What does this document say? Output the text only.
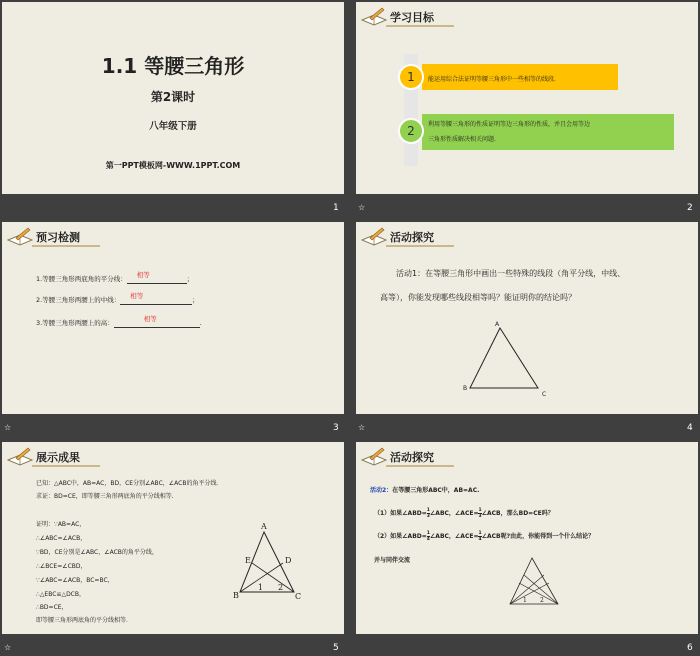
1.1 等腰三角形
第2课时
八年级下册
第一PPT模板网-WWW.1PPT.COM
1
学习目标
1	能运用综合法证明等腰三角形中一些相等的线段.
2	利用等腰三角形的性质证明等边三角形的性质，并且会用等边
三角形性质解决相关问题.
☆	2
预习检测
1.等腰三角形两底角的平分线： 相等	；
2.等腰三角形两腰上的中线： 相等	；
3.等腰三角形两腰上的高：	相等	.
☆	3
活动探究
活动1：在等腰三角形中画出一些特殊的线段（角平分线，中线、
高等），你能发现哪些线段相等吗？能证明你的结论吗？
A
B
C
☆	4
展示成果
已知：△ABC中，AB=AC，BD，CE分别∠ABC，∠ACB的角平分线．
求证：BD=CE，即等腰三角形两底角的平分线相等.
证明：∵AB=AC，
∴∠ABC=∠ACB，
∵BD，CE分别是∠ABC，∠ACB的角平分线，
∴∠BCE=∠CBD，
∵∠ABC=∠ACB，BC=BC，
∴△EBC≌△DCB，
∴BD=CE，
即等腰三角形两底角的平分线相等．
A
E	D
B	C
1 2
☆	5
活动探究
活动2：在等腰三角形ABC中，AB=AC.
（1）如果∠ABD= $\frac{1}{3}$ ∠ABC，∠ACE= $\frac{1}{3}$ ∠ACB，那么BD=CE吗？
（2）如果∠ABD= $\frac{1}{4}$ ∠ABC，∠ACE= $\frac{1}{4}$ ∠ACB呢?由此，你能得到一个什么结论？
并与同伴交流
1 2
6
